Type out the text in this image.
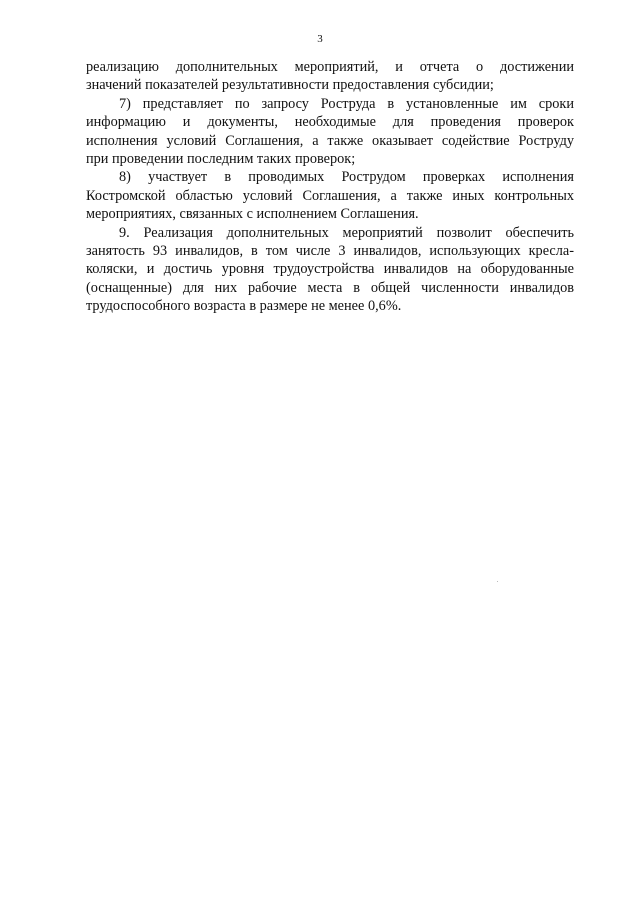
3
реализацию дополнительных мероприятий, и отчета о достижении
значений показателей результативности предоставления субсидии;
7) представляет по запросу Роструда в установленные им сроки
информацию и документы, необходимые для проведения проверок
исполнения условий Соглашения, а также оказывает содействие Роструду
при проведении последним таких проверок;
8) участвует в проводимых Рострудом проверках исполнения
Костромской областью условий Соглашения, а также иных контрольных
мероприятиях, связанных с исполнением Соглашения.
9. Реализация дополнительных мероприятий позволит обеспечить
занятость 93 инвалидов, в том числе 3 инвалидов, использующих кресла-
коляски, и достичь уровня трудоустройства инвалидов на оборудованные
(оснащенные) для них рабочие места в общей численности инвалидов
трудоспособного возраста в размере не менее 0,6%.
